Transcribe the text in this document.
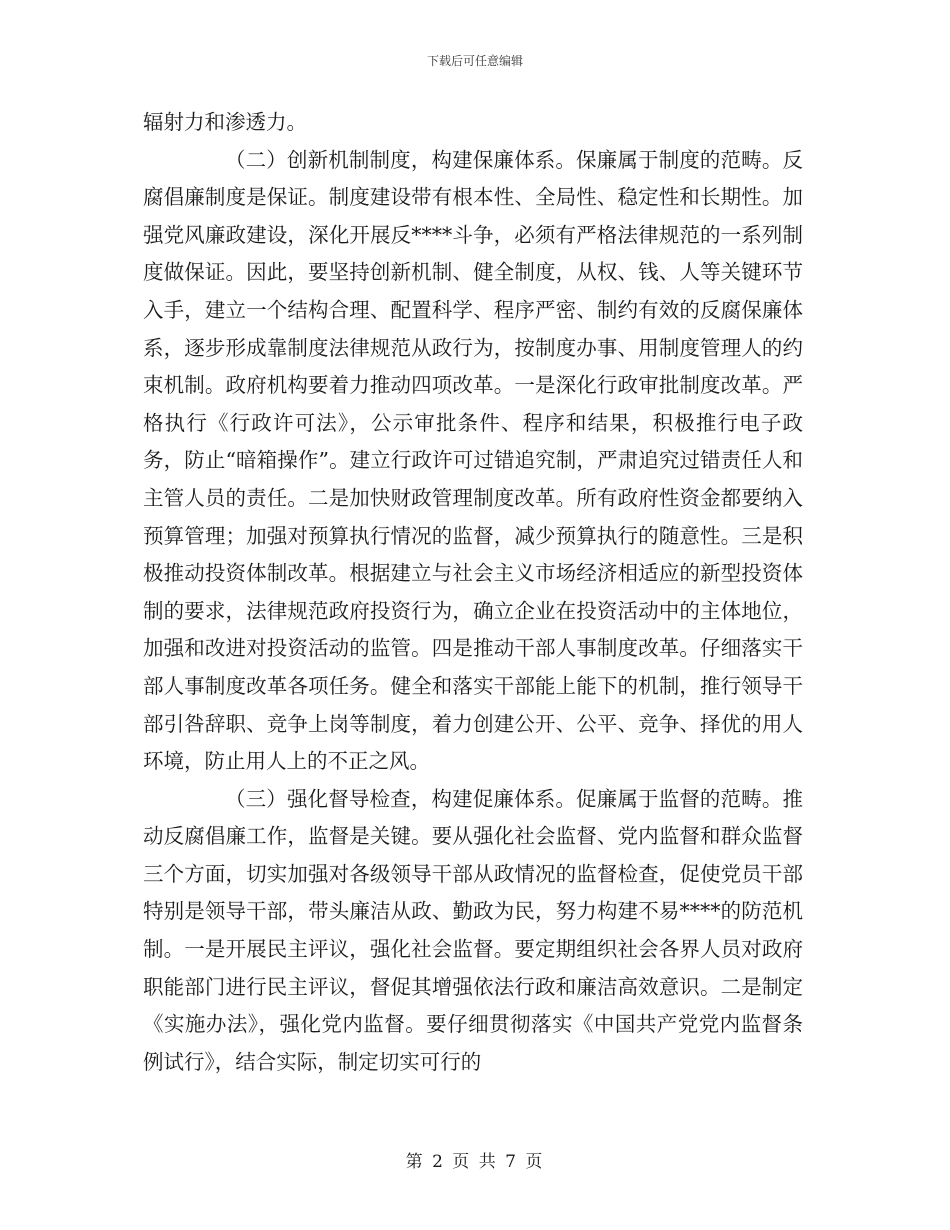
下载后可任意编辑

辐射力和渗透力。

（二）创新机制制度，构建保廉体系。保廉属于制度的范畴。反腐倡廉制度是保证。制度建设带有根本性、全局性、稳定性和长期性。加强党风廉政建设，深化开展反****斗争，必须有严格法律规范的一系列制度做保证。因此，要坚持创新机制、健全制度，从权、钱、人等关键环节入手，建立一个结构合理、配置科学、程序严密、制约有效的反腐保廉体系，逐步形成靠制度法律规范从政行为，按制度办事、用制度管理人的约束机制。政府机构要着力推动四项改革。一是深化行政审批制度改革。严格执行《行政许可法》，公示审批条件、程序和结果，积极推行电子政务，防止“暗箱操作”。建立行政许可过错追究制，严肃追究过错责任人和主管人员的责任。二是加快财政管理制度改革。所有政府性资金都要纳入预算管理；加强对预算执行情况的监督，减少预算执行的随意性。三是积极推动投资体制改革。根据建立与社会主义市场经济相适应的新型投资体制的要求，法律规范政府投资行为，确立企业在投资活动中的主体地位，加强和改进对投资活动的监管。四是推动干部人事制度改革。仔细落实干部人事制度改革各项任务。健全和落实干部能上能下的机制，推行领导干部引咎辞职、竞争上岗等制度，着力创建公开、公平、竞争、择优的用人环境，防止用人上的不正之风。

（三）强化督导检查，构建促廉体系。促廉属于监督的范畴。推动反腐倡廉工作，监督是关键。要从强化社会监督、党内监督和群众监督三个方面，切实加强对各级领导干部从政情况的监督检查，促使党员干部特别是领导干部，带头廉洁从政、勤政为民，努力构建不易****的防范机制。一是开展民主评议，强化社会监督。要定期组织社会各界人员对政府职能部门进行民主评议，督促其增强依法行政和廉洁高效意识。二是制定《实施办法》，强化党内监督。要仔细贯彻落实《中国共产党党内监督条例试行》，结合实际，制定切实可行的

第 2 页 共 7 页
